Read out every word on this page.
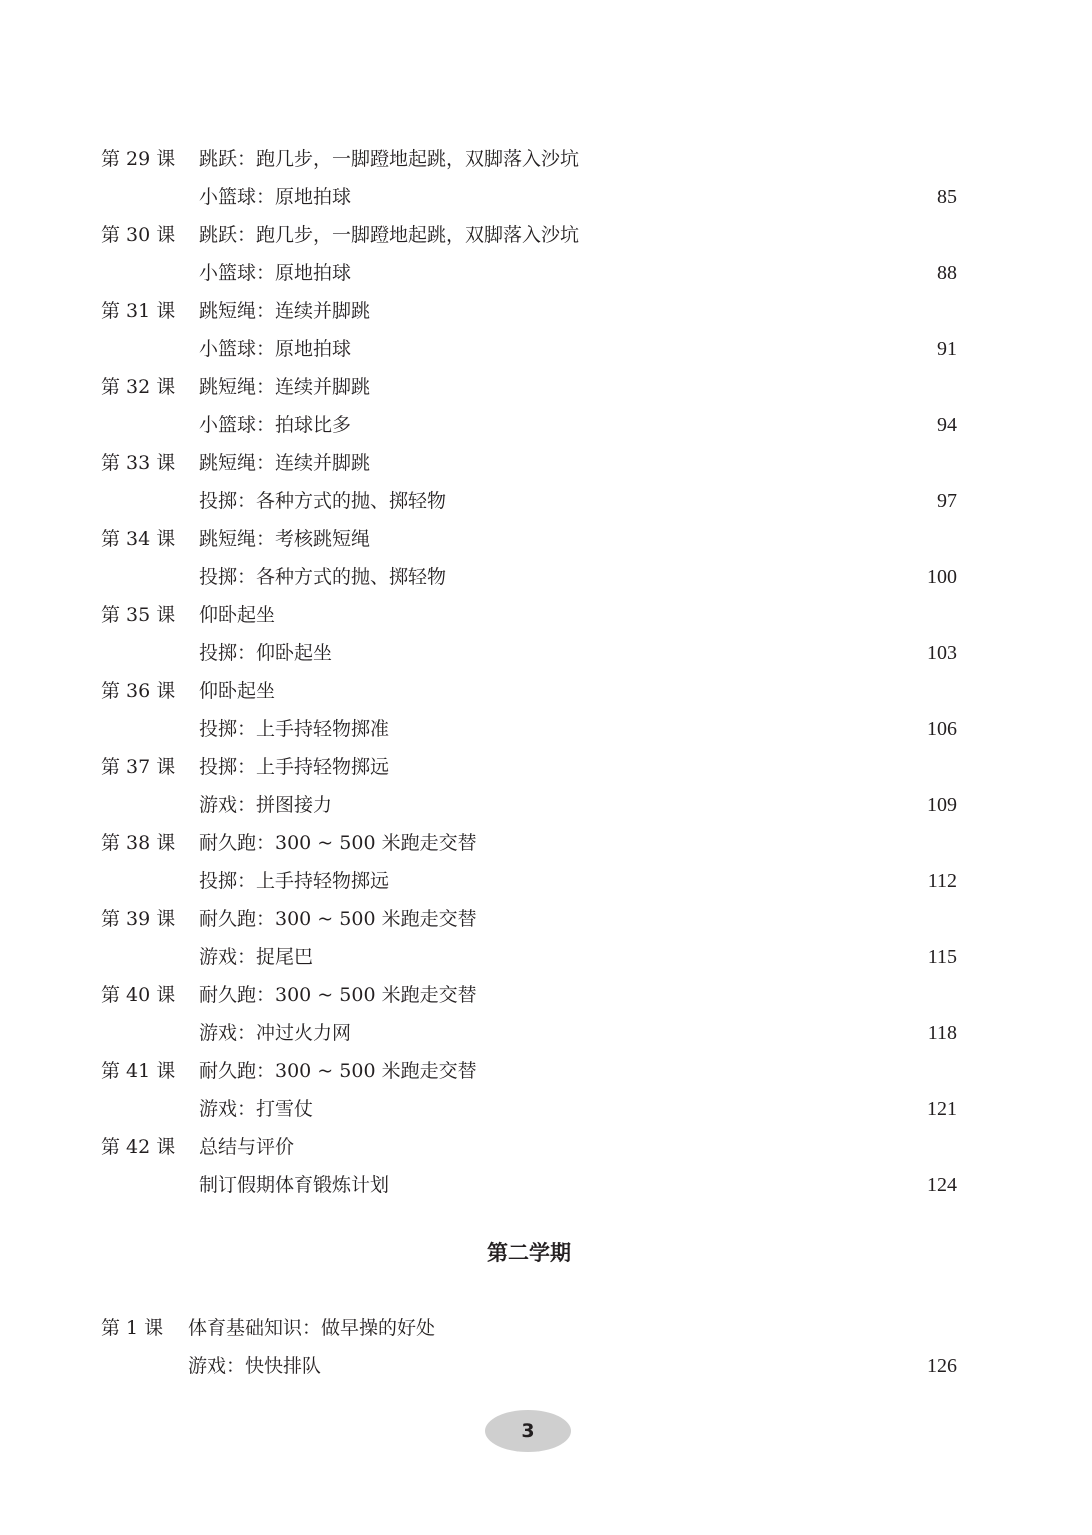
第 29 课	跳跃：跑几步，一脚蹬地起跳，双脚落入沙坑
小篮球：原地拍球	85
第 30 课	跳跃：跑几步，一脚蹬地起跳，双脚落入沙坑
小篮球：原地拍球	88
第 31 课	跳短绳：连续并脚跳
小篮球：原地拍球	91
第 32 课	跳短绳：连续并脚跳
小篮球：拍球比多	94
第 33 课	跳短绳：连续并脚跳
投掷：各种方式的抛、掷轻物	97
第 34 课	跳短绳：考核跳短绳
投掷：各种方式的抛、掷轻物	100
第 35 课	仰卧起坐
投掷：仰卧起坐	103
第 36 课	仰卧起坐
投掷：上手持轻物掷准	106
第 37 课	投掷：上手持轻物掷远
游戏：拼图接力	109
第 38 课	耐久跑：300 ~ 500 米跑走交替
投掷：上手持轻物掷远	112
第 39 课	耐久跑：300 ~ 500 米跑走交替
游戏：捉尾巴	115
第 40 课	耐久跑：300 ~ 500 米跑走交替
游戏：冲过火力网	118
第 41 课	耐久跑：300 ~ 500 米跑走交替
游戏：打雪仗	121
第 42 课	总结与评价
制订假期体育锻炼计划	124
第二学期
第 1 课	体育基础知识：做早操的好处
游戏：快快排队	126
3
